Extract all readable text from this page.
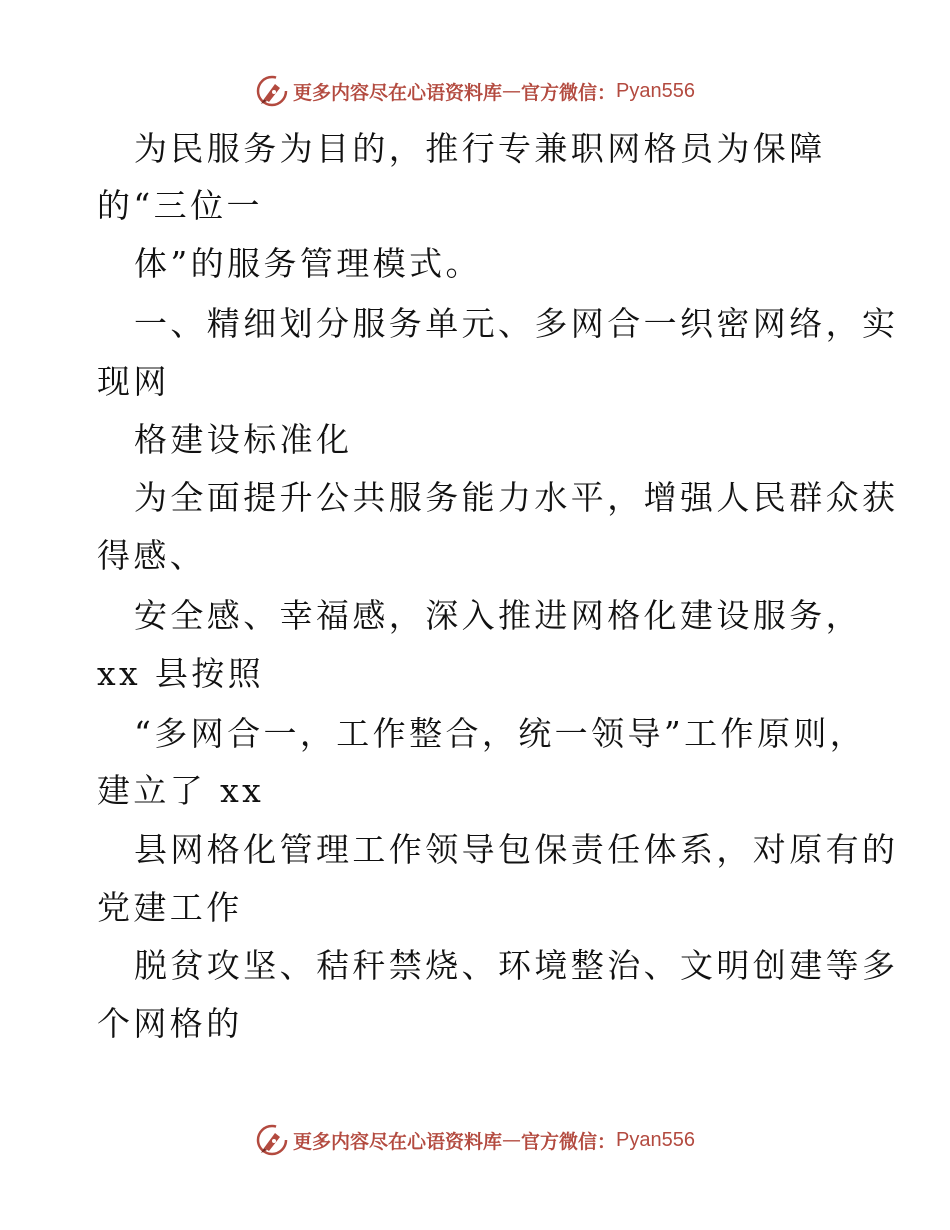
更多内容尽在心语资料库 — 官方微信： Pyan556
为民服务为目的，推行专兼职网格员为保障
的“三位一
体”的服务管理模式。
一、精细划分服务单元、多网合一织密网络，实
现网
格建设标准化
为全面提升公共服务能力水平，增强人民群众获
得感、
安全感、幸福感，深入推进网格化建设服务，
xx 县按照
“多网合一，工作整合，统一领导”工作原则，
建立了 xx
县网格化管理工作领导包保责任体系，对原有的
党建工作
脱贫攻坚、秸秆禁烧、环境整治、文明创建等多
个网格的
更多内容尽在心语资料库 — 官方微信： Pyan556
